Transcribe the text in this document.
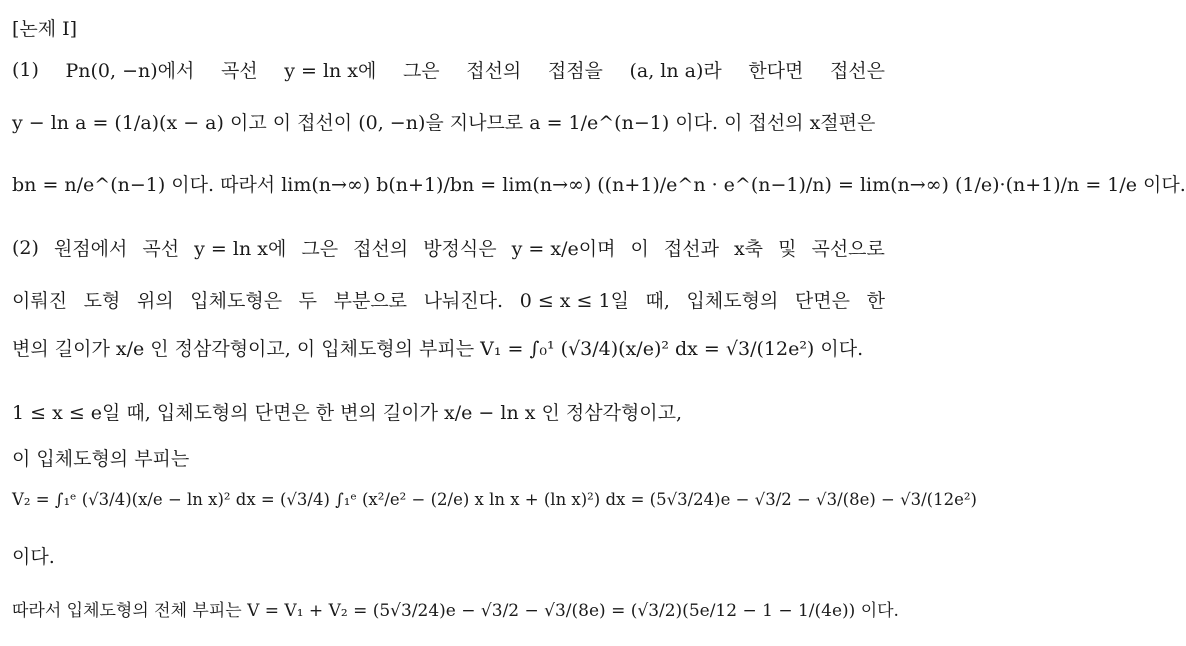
[논제 I]
(1) Pn(0, −n)에서 곡선 y = ln x에 그은 접선의 접점을 (a, ln a)라 한다면 접선은
y − ln a = (1/a)(x − a) 이고 이 접선이 (0, −n)을 지나므로 a = 1/e^(n−1) 이다. 이 접선의 x절편은
bn = n/e^(n−1) 이다. 따라서 lim(n→∞) b(n+1)/bn = lim(n→∞) ((n+1)/e^n · e^(n−1)/n) = lim(n→∞) (1/e)·(n+1)/n = 1/e 이다.
(2) 원점에서 곡선 y = ln x에 그은 접선의 방정식은 y = x/e이며 이 접선과 x축 및 곡선으로
이뤄진 도형 위의 입체도형은 두 부분으로 나눠진다. 0 ≤ x ≤ 1일 때, 입체도형의 단면은 한
변의 길이가 x/e 인 정삼각형이고, 이 입체도형의 부피는 V₁ = ∫₀¹ (√3/4)(x/e)² dx = √3/(12e²) 이다.
1 ≤ x ≤ e일 때, 입체도형의 단면은 한 변의 길이가 x/e − ln x 인 정삼각형이고,
이 입체도형의 부피는
V₂ = ∫₁ᵉ (√3/4)(x/e − ln x)² dx = (√3/4) ∫₁ᵉ (x²/e² − (2/e) x ln x + (ln x)²) dx = (5√3/24)e − √3/2 − √3/(8e) − √3/(12e²)
이다.
따라서 입체도형의 전체 부피는 V = V₁ + V₂ = (5√3/24)e − √3/2 − √3/(8e) = (√3/2)(5e/12 − 1 − 1/(4e)) 이다.
